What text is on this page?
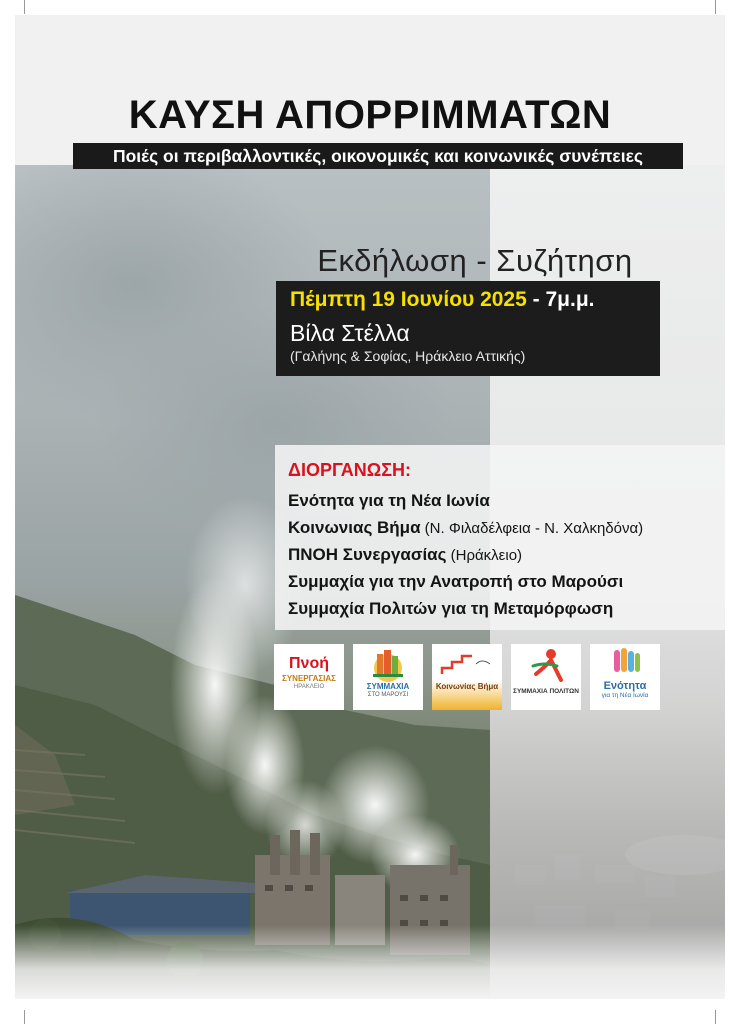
ΚΑΥΣΗ ΑΠΟΡΡΙΜΜΑΤΩΝ
Ποιές οι περιβαλλοντικές, οικονομικές και κοινωνικές συνέπειες
Εκδήλωση - Συζήτηση
Πέμπτη 19 Ιουνίου 2025 - 7μ.μ.
Βίλα Στέλλα
(Γαλήνης & Σοφίας, Ηράκλειο Αττικής)
ΔΙΟΡΓΑΝΩΣΗ:
Ενότητα για τη Νέα Ιωνία
Κοινωνιας Βήμα (Ν. Φιλαδέλφεια - Ν. Χαλκηδόνα)
ΠΝΟΗ Συνεργασίας (Ηράκλειο)
Συμμαχία για την Ανατροπή στο Μαρούσι
Συμμαχία Πολιτών για τη Μεταμόρφωση
Πνοή
ΣΥΝΕΡΓΑΣΙΑΣ
ΗΡΑΚΛΕΙΟ	ΣΥΜΜΑΧΙΑ
ΣΤΟ ΜΑΡΟΥΣΙ
Κοινωνίας Βήμα
ΣΥΜΜΑΧΙΑ ΠΟΛΙΤΩΝ	Ενότητα
για τη Νέα Ιωνία
